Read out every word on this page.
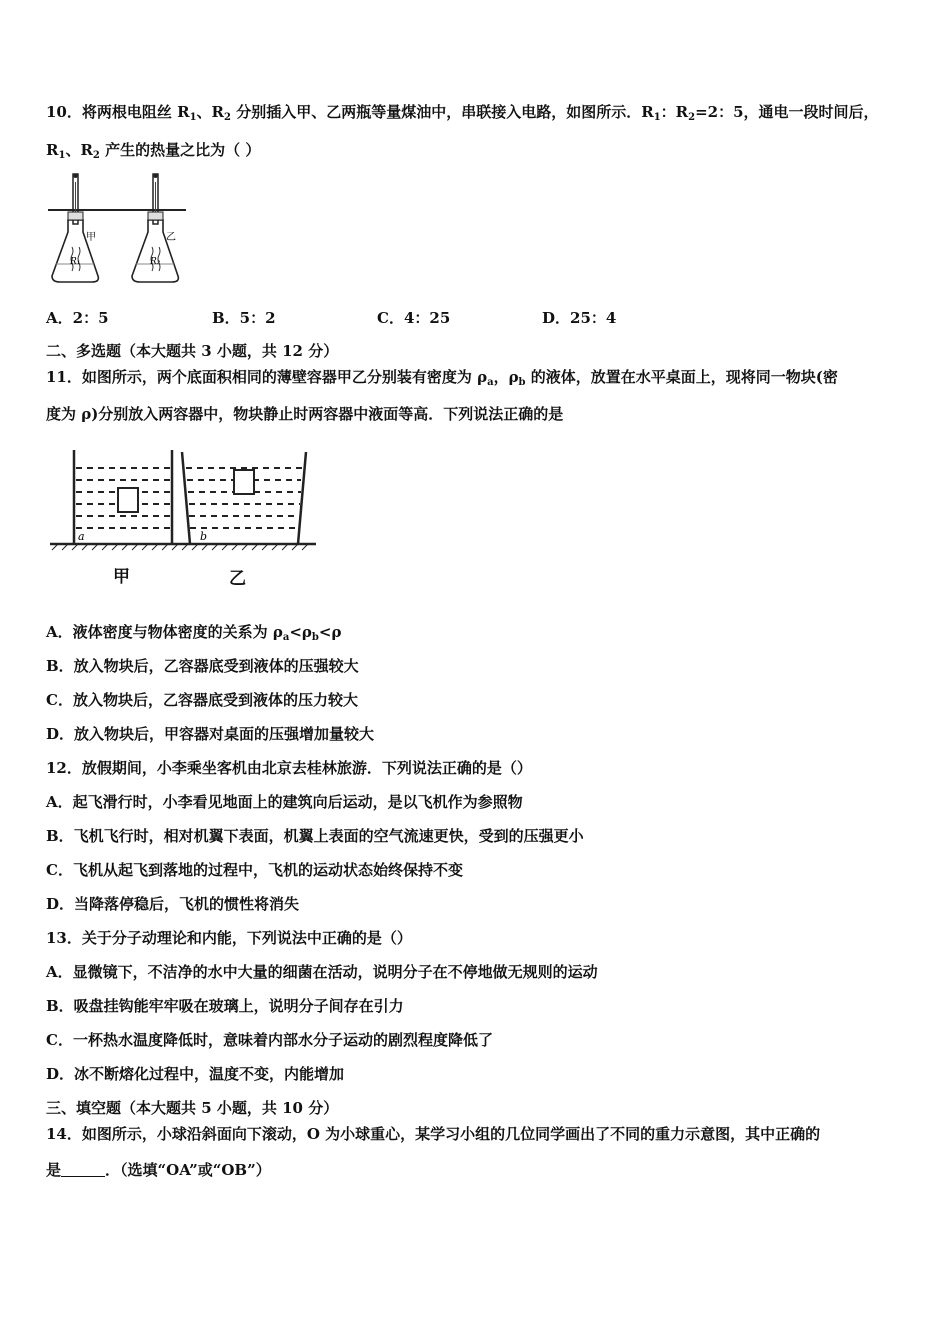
10．将两根电阻丝 $R_1$、$R_2$ 分别插入甲、乙两瓶等量煤油中，串联接入电路，如图所示．$R_1$：$R_2=2$：5，通电一段时间后，
$R_1$、$R_2$ 产生的热量之比为（ ）
甲
R₁
乙
R₂
A．2：5	B．5：2	C．4：25	D．25：4
二、多选题（本大题共 3 小题，共 12 分）
11．如图所示，两个底面积相同的薄壁容器甲乙分别装有密度为 $\rho_a$，$\rho_b$ 的液体，放置在水平桌面上，现将同一物块(密
度为 ρ)分别放入两容器中，物块静止时两容器中液面等高．下列说法正确的是
a	b
甲	乙
A．液体密度与物体密度的关系为 $\rho_a<\rho_b<\rho$
B．放入物块后，乙容器底受到液体的压强较大
C．放入物块后，乙容器底受到液体的压力较大
D．放入物块后，甲容器对桌面的压强增加量较大
12．放假期间，小李乘坐客机由北京去桂林旅游．下列说法正确的是（）
A．起飞滑行时，小李看见地面上的建筑向后运动，是以飞机作为参照物
B．飞机飞行时，相对机翼下表面，机翼上表面的空气流速更快，受到的压强更小
C．飞机从起飞到落地的过程中，飞机的运动状态始终保持不变
D．当降落停稳后，飞机的惯性将消失
13．关于分子动理论和内能，下列说法中正确的是（）
A．显微镜下，不洁净的水中大量的细菌在活动，说明分子在不停地做无规则的运动
B．吸盘挂钩能牢牢吸在玻璃上，说明分子间存在引力
C．一杯热水温度降低时，意味着内部水分子运动的剧烈程度降低了
D．冰不断熔化过程中，温度不变，内能增加
三、填空题（本大题共 5 小题，共 10 分）
14．如图所示，小球沿斜面向下滚动，O 为小球重心，某学习小组的几位同学画出了不同的重力示意图，其中正确的
是	．（选填“OA”或“OB”）
